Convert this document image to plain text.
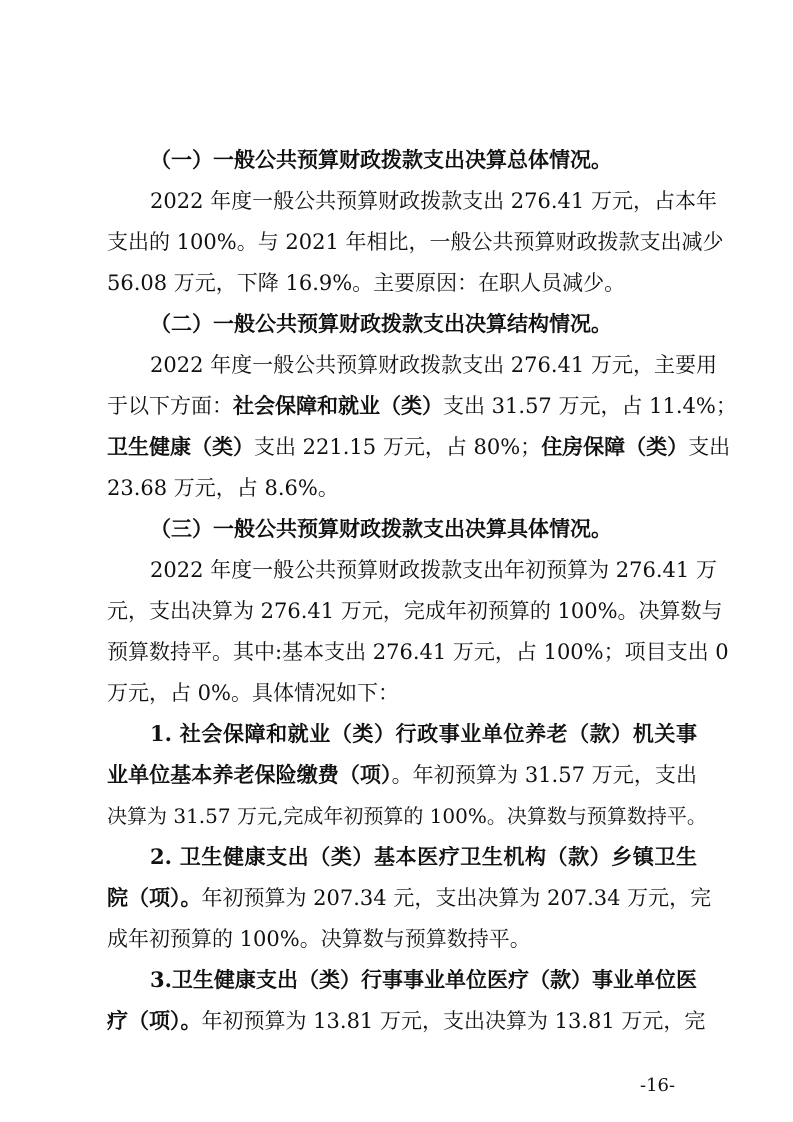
（一）一般公共预算财政拨款支出决算总体情况。
2022 年度一般公共预算财政拨款支出 276.41 万元，占本年
支出的 100%。与 2021 年相比，一般公共预算财政拨款支出减少
56.08 万元，下降 16.9%。主要原因：在职人员减少。
（二）一般公共预算财政拨款支出决算结构情况。
2022 年度一般公共预算财政拨款支出 276.41 万元，主要用
于以下方面：社会保障和就业（类）支出 31.57 万元，占 11.4%；
卫生健康（类）支出 221.15 万元，占 80%；住房保障（类）支出
23.68 万元，占 8.6%。
（三）一般公共预算财政拨款支出决算具体情况。
2022 年度一般公共预算财政拨款支出年初预算为 276.41 万
元，支出决算为 276.41 万元，完成年初预算的 100%。决算数与
预算数持平。其中:基本支出 276.41 万元，占 100%；项目支出 0
万元，占 0%。具体情况如下：
1. 社会保障和就业（类）行政事业单位养老（款）机关事
业单位基本养老保险缴费（项）。年初预算为 31.57 万元，支出
决算为 31.57 万元,完成年初预算的 100%。决算数与预算数持平。
2. 卫生健康支出（类）基本医疗卫生机构（款）乡镇卫生
院（项）。年初预算为 207.34 元，支出决算为 207.34 万元，完
成年初预算的 100%。决算数与预算数持平。
3.卫生健康支出（类）行事事业单位医疗（款）事业单位医
疗（项）。年初预算为 13.81 万元，支出决算为 13.81 万元，完
-16-
